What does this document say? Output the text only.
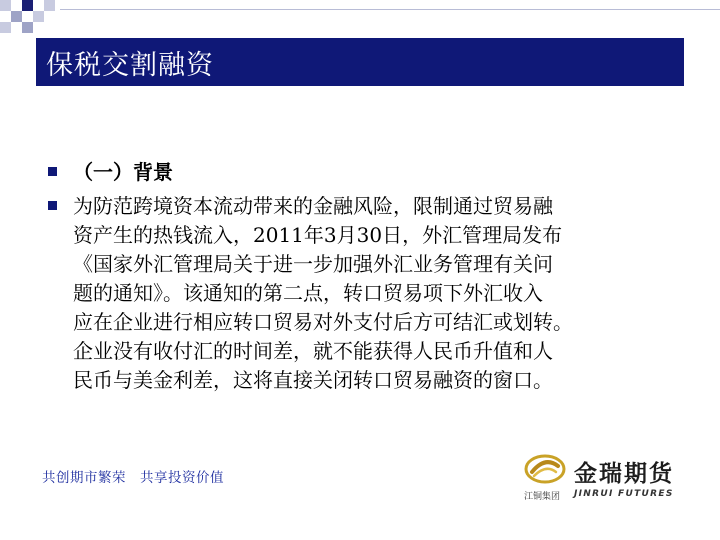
保税交割融资
（一）背景
为防范跨境资本流动带来的金融风险，限制通过贸易融
资产生的热钱流入，2011年3月30日，外汇管理局发布
《国家外汇管理局关于进一步加强外汇业务管理有关问
题的通知》。该通知的第二点，转口贸易项下外汇收入
应在企业进行相应转口贸易对外支付后方可结汇或划转。
企业没有收付汇的时间差，就不能获得人民币升值和人
民币与美金利差，这将直接关闭转口贸易融资的窗口。
共创期市繁荣　共享投资价值	金瑞期货
江铜集团 JINRUI FUTURES
